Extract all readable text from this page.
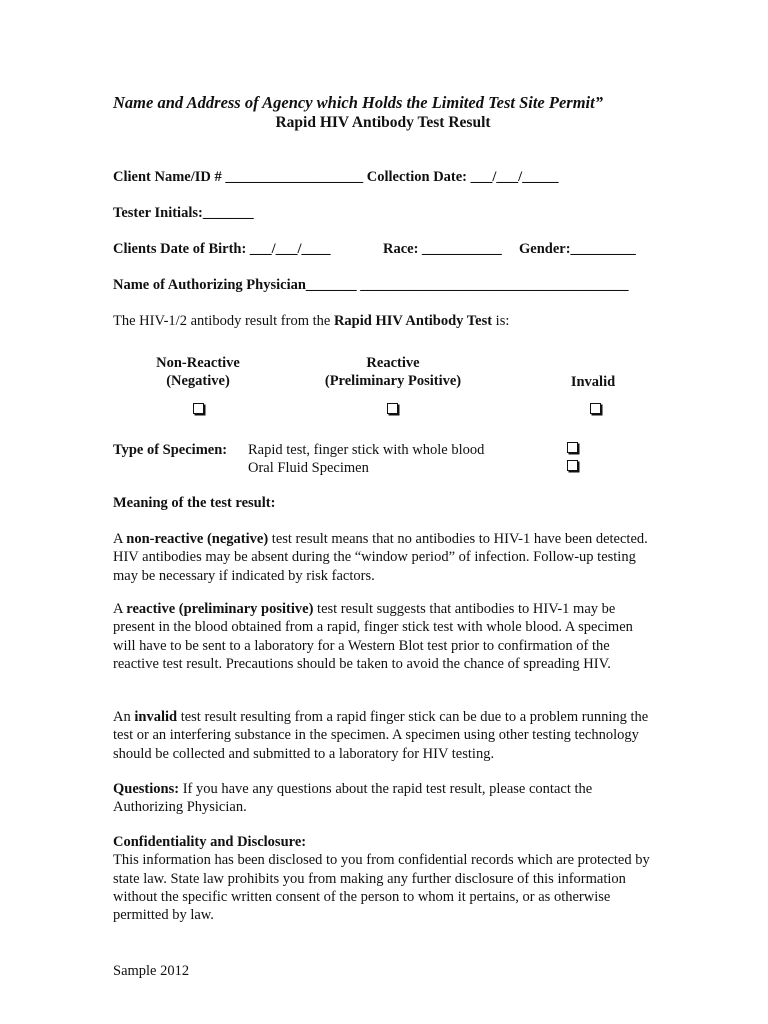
Name and Address of Agency which Holds the Limited Test Site Permit”
Rapid HIV Antibody Test Result
Client Name/ID # ___________________ Collection Date: ___/___/_____
Tester Initials:_______
Clients Date of Birth: ___/___/____	Race: ___________ Gender:_________
Name of Authorizing Physician_______ _____________________________________
The HIV-1/2 antibody result from the Rapid HIV Antibody Test is:
Non-Reactive
(Negative)
Reactive
(Preliminary Positive)	Invalid
Type of Specimen: Rapid test, finger stick with whole blood
Oral Fluid Specimen
Meaning of the test result:

A non-reactive (negative) test result means that no antibodies to HIV-1 have been detected. HIV antibodies may be absent during the “window period” of infection. Follow-up testing may be necessary if indicated by risk factors.

A reactive (preliminary positive) test result suggests that antibodies to HIV-1 may be present in the blood obtained from a rapid, finger stick test with whole blood. A specimen will have to be sent to a laboratory for a Western Blot test prior to confirmation of the reactive test result. Precautions should be taken to avoid the chance of spreading HIV.

An invalid test result resulting from a rapid finger stick can be due to a problem running the test or an interfering substance in the specimen. A specimen using other testing technology should be collected and submitted to a laboratory for HIV testing.

Questions: If you have any questions about the rapid test result, please contact the Authorizing Physician.

Confidentiality and Disclosure:

This information has been disclosed to you from confidential records which are protected by state law. State law prohibits you from making any further disclosure of this information without the specific written consent of the person to whom it pertains, or as otherwise permitted by law.

Sample 2012
